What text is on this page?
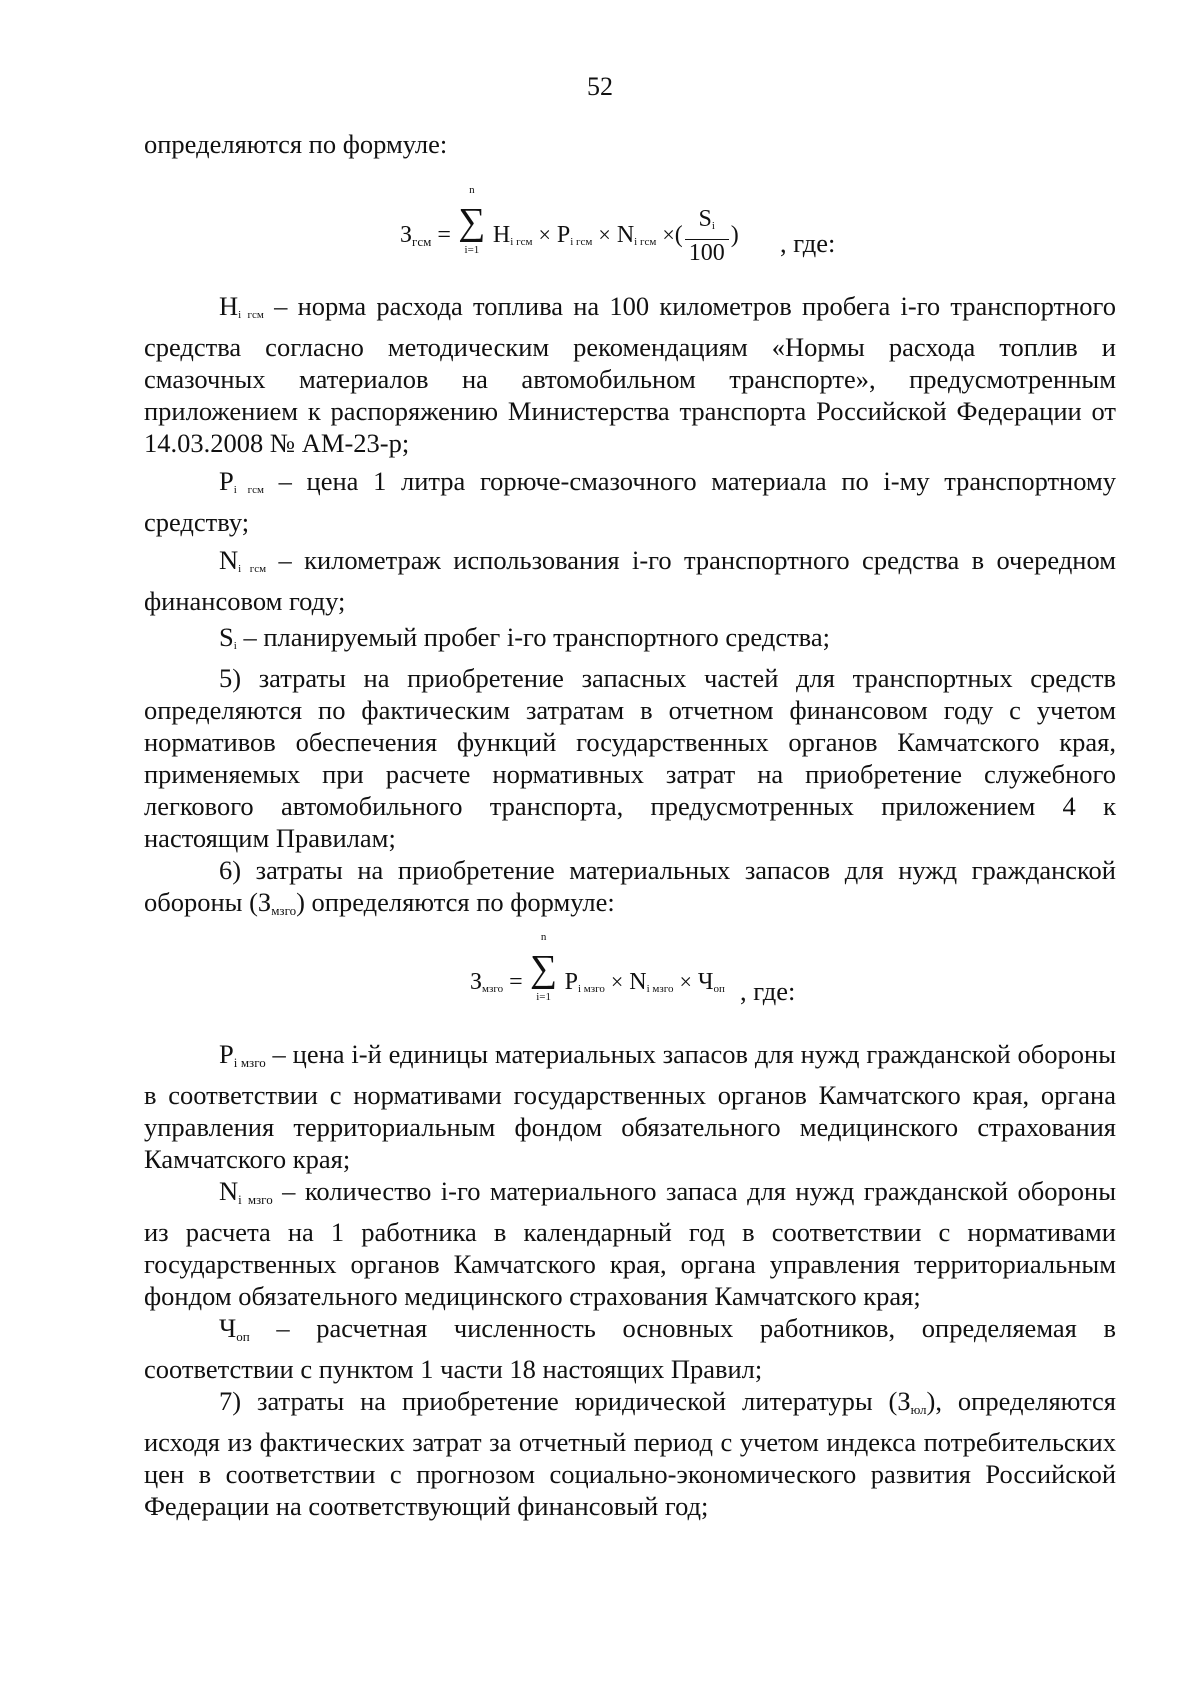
52

определяются по формуле:

$З_{гсм}$ =
n
∑
i=1
Hi гсм × Pi гсм × Ni гсм ×( $\frac{Si}{100}$ ) , где:

Hi гсм – норма расхода топлива на 100 километров пробега i-го транспортного средства согласно методическим рекомендациям «Нормы расхода топлив и смазочных материалов на автомобильном транспорте», предусмотренным приложением к распоряжению Министерства транспорта Российской Федерации от 14.03.2008 № АМ-23-р;

Pi гсм – цена 1 литра горюче-смазочного материала по i-му транспортному средству;

Ni гсм – километраж использования i-го транспортного средства в очередном финансовом году;

Si – планируемый пробег i-го транспортного средства;

5) затраты на приобретение запасных частей для транспортных средств определяются по фактическим затратам в отчетном финансовом году с учетом нормативов обеспечения функций государственных органов Камчатского края, применяемых при расчете нормативных затрат на приобретение служебного легкового автомобильного транспорта, предусмотренных приложением 4 к настоящим Правилам;

6) затраты на приобретение материальных запасов для нужд гражданской обороны $(З_{мзго})$ определяются по формуле:

Змзго =
n
∑
i=1
Pi мзго × Ni мзго × Чоп , где:

$P_{i мзго}$ – цена i-й единицы материальных запасов для нужд гражданской обороны в соответствии с нормативами государственных органов Камчатского края, органа управления территориальным фондом обязательного медицинского страхования Камчатского края;

$N_{i мзго}$ – количество i-го материального запаса для нужд гражданской обороны из расчета на 1 работника в календарный год в соответствии с нормативами государственных органов Камчатского края, органа управления территориальным фондом обязательного медицинского страхования Камчатского края;

$Ч_{оп}$ – расчетная численность основных работников, определяемая в соответствии с пунктом 1 части 18 настоящих Правил;

7) затраты на приобретение юридической литературы $(З_{юл})$, определяются исходя из фактических затрат за отчетный период с учетом индекса потребительских цен в соответствии с прогнозом социально-экономического развития Российской Федерации на соответствующий финансовый год;
